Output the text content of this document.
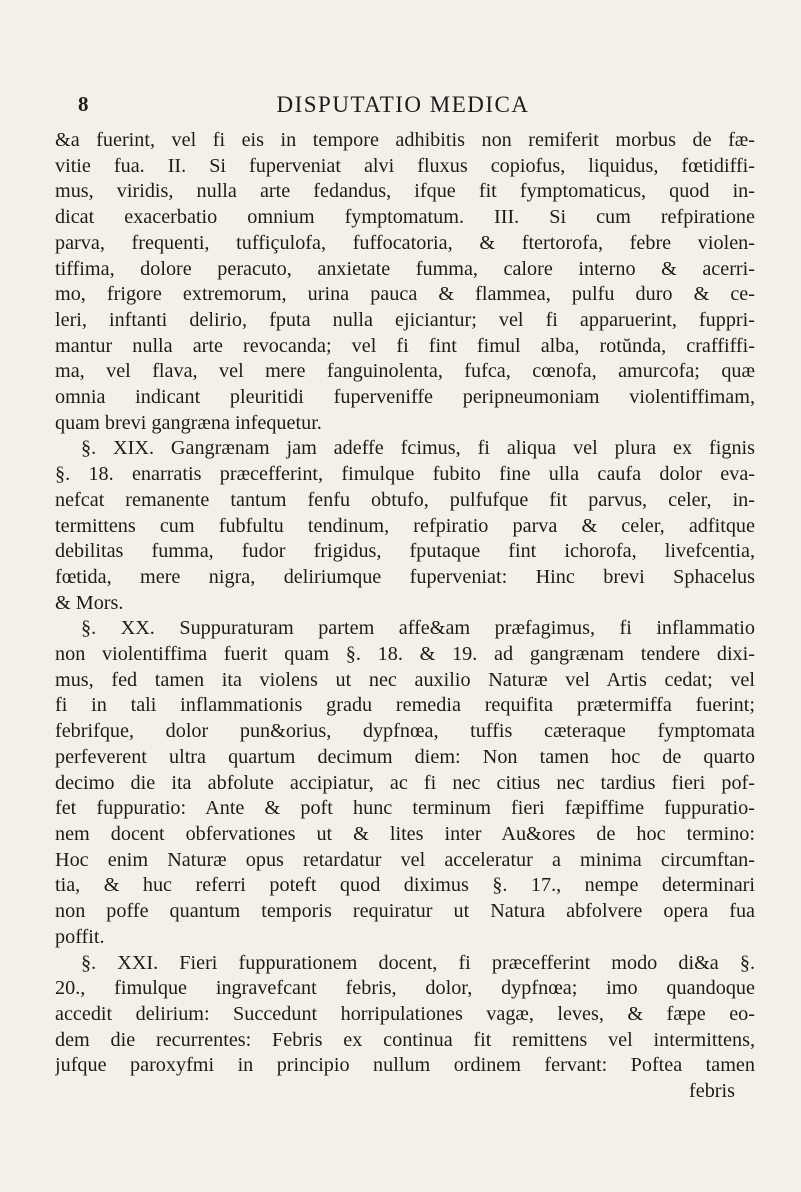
8	DISPUTATIO MEDICA

&a fuerint, vel fi eis in tempore adhibitis non remiferit morbus de fæ-

vitie fua. II. Si fuperveniat alvi fluxus copiofus, liquidus, fœtidiffi-

mus, viridis, nulla arte fedandus, ifque fit fymptomaticus, quod in-

dicat exacerbatio omnium fymptomatum. III. Si cum refpiratione

parva, frequenti, tuffiçulofa, fuffocatoria, & ftertorofa, febre violen-

tiffima, dolore peracuto, anxietate fumma, calore interno & acerri-

mo, frigore extremorum, urina pauca & flammea, pulfu duro & ce-

leri, inftanti delirio, fputa nulla ejiciantur; vel fi apparuerint, fuppri-

mantur nulla arte revocanda; vel fi fint fimul alba, rotŭnda, craffiffi-

ma, vel flava, vel mere fanguinolenta, fufca, cœnofa, amurcofa; quæ

omnia indicant pleuritidi fuperveniffe peripneumoniam violentiffimam,

quam brevi gangræna infequetur.

§. XIX. Gangrænam jam adeffe fcimus, fi aliqua vel plura ex fignis

§. 18. enarratis præcefferint, fimulque fubito fine ulla caufa dolor eva-

nefcat remanente tantum fenfu obtufo, pulfufque fit parvus, celer, in-

termittens cum fubfultu tendinum, refpiratio parva & celer, adfitque

debilitas fumma, fudor frigidus, fputaque fint ichorofa, livefcentia,

fœtida, mere nigra, deliriumque fuperveniat: Hinc brevi Sphacelus

& Mors.

§. XX. Suppuraturam partem affe&am præfagimus, fi inflammatio

non violentiffima fuerit quam §. 18. & 19. ad gangrænam tendere dixi-

mus, fed tamen ita violens ut nec auxilio Naturæ vel Artis cedat; vel

fi in tali inflammationis gradu remedia requifita prætermiffa fuerint;

febrifque, dolor pun&orius, dypfnœa, tuffis cæteraque fymptomata

perfeverent ultra quartum decimum diem: Non tamen hoc de quarto

decimo die ita abfolute accipiatur, ac fi nec citius nec tardius fieri pof-

fet fuppuratio: Ante & poft hunc terminum fieri fæpiffime fuppuratio-

nem docent obfervationes ut & lites inter Au&ores de hoc termino:

Hoc enim Naturæ opus retardatur vel acceleratur a minima circumftan-

tia, & huc referri poteft quod diximus §. 17., nempe determinari

non poffe quantum temporis requiratur ut Natura abfolvere opera fua

poffit.

§. XXI. Fieri fuppurationem docent, fi præcefferint modo di&a §.

20., fimulque ingravefcant febris, dolor, dypfnœa; imo quandoque

accedit delirium: Succedunt horripulationes vagæ, leves, & fæpe eo-

dem die recurrentes: Febris ex continua fit remittens vel intermittens,

jufque paroxyfmi in principio nullum ordinem fervant: Poftea tamen

febris
